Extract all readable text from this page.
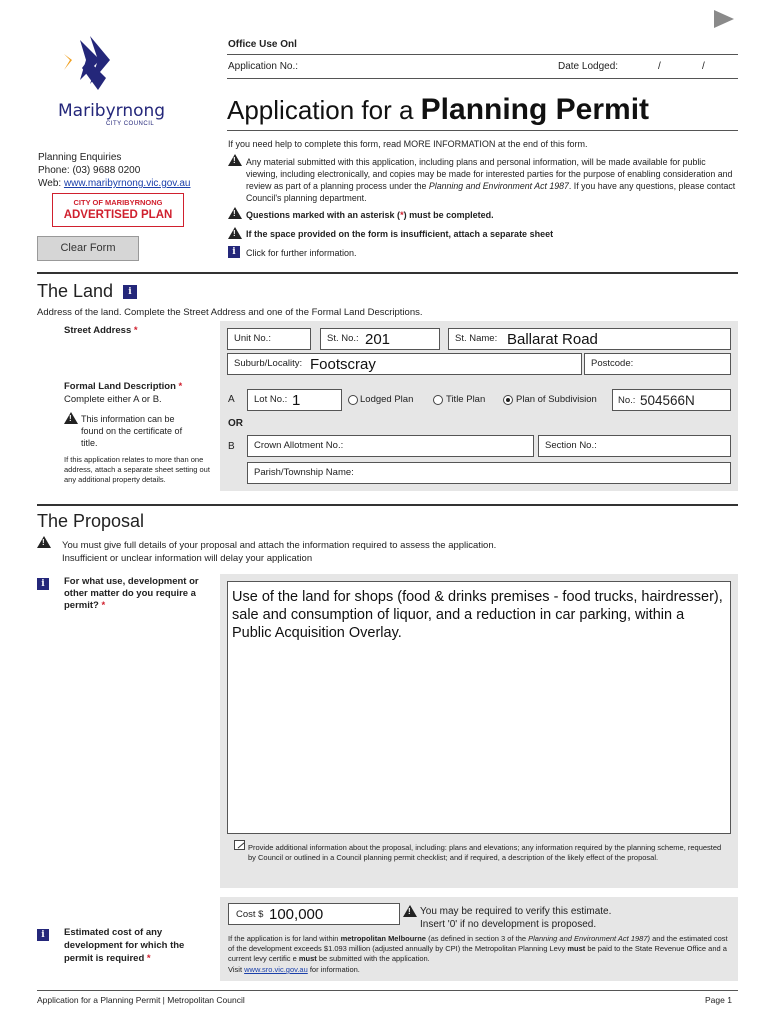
Maribyrnong
CITY COUNCIL
Office Use Onl
Application No.:	Date Lodged:	/	/
Application for a Planning Permit
Planning Enquiries
Phone: (03) 9688 0200
Web: www.maribyrnong.vic.gov.au
CITY OF MARIBYRNONG
ADVERTISED PLAN
Clear Form
If you need help to complete this form, read MORE INFORMATION at the end of this form.
!
Any material submitted with this application, including plans and personal information, will be made available for public viewing, including electronically, and copies may be made for interested parties for the purpose of enabling consideration and review as part of a planning process under the Planning and Environment Act 1987. If you have any questions, please contact Council's planning department.
!
Questions marked with an asterisk (*) must be completed.
!
If the space provided on the form is insufficient, attach a separate sheet
i	Click for further information.
The Land	i
Address of the land. Complete the Street Address and one of the Formal Land Descriptions.
Street Address *
Unit No.:	St. No.: 201	St. Name: Ballarat Road
Suburb/Locality: Footscray	Postcode:
Formal Land Description *
Complete either A or B.
!
This information can be found on the certificate of title.
If this application relates to more than one address, attach a separate sheet setting out any additional property details.
A Lot No.: 1	Lodged Plan	Title Plan	Plan of Subdivision No.: 504566N
OR
B Crown Allotment No.:	Section No.:
Parish/Township Name:
The Proposal
!
You must give full details of your proposal and attach the information required to assess the application.
Insufficient or unclear information will delay your application
i	For what use, development or other matter do you require a permit? *
Use of the land for shops (food & drinks premises - food trucks, hairdresser), sale and consumption of liquor, and a reduction in car parking, within a Public Acquisition Overlay.
Provide additional information about the proposal, including: plans and elevations; any information required by the planning scheme, requested by Council or outlined in a Council planning permit checklist; and if required, a description of the likely effect of the proposal.
i	Estimated cost of any development for which the permit is required *
Cost $ 100,000 !	You may be required to verify this estimate.
Insert '0' if no development is proposed.
If the application is for land within metropolitan Melbourne (as defined in section 3 of the Planning and Environment Act 1987) and the estimated cost of the development exceeds $1.093 million (adjusted annually by CPI) the Metropolitan Planning Levy must be paid to the State Revenue Office and a current levy certific e must be submitted with the application.
Visit www.sro.vic.gov.au for information.
Application for a Planning Permit | Metropolitan Council	Page 1
